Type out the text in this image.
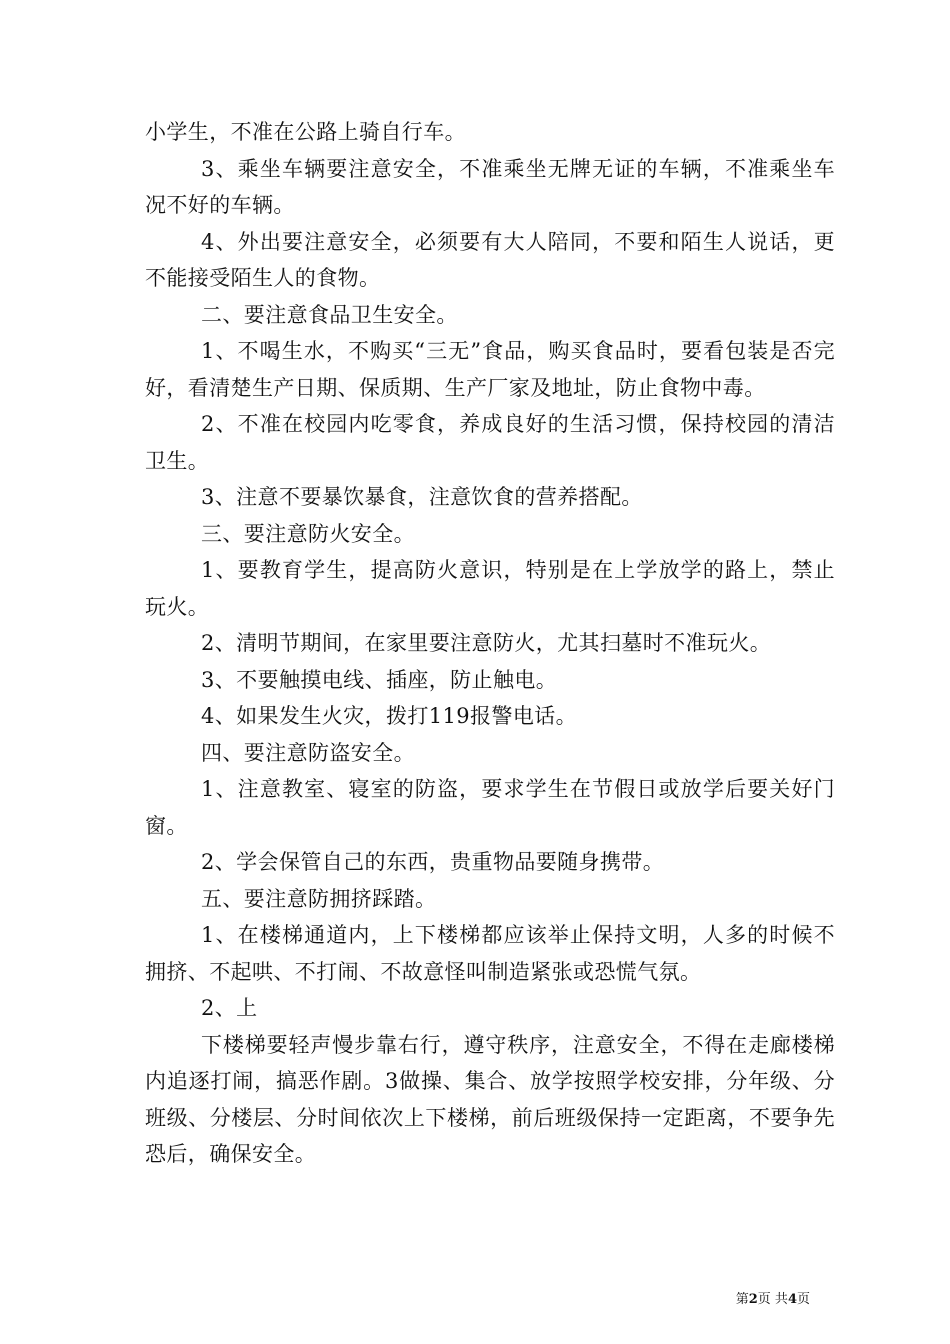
小学生，不准在公路上骑自行车。

3、乘坐车辆要注意安全，不准乘坐无牌无证的车辆，不准乘坐车况不好的车辆。

4、外出要注意安全，必须要有大人陪同，不要和陌生人说话，更不能接受陌生人的食物。

二、要注意食品卫生安全。

1、不喝生水，不购买“三无”食品，购买食品时，要看包装是否完好，看清楚生产日期、保质期、生产厂家及地址，防止食物中毒。

2、不准在校园内吃零食，养成良好的生活习惯，保持校园的清洁卫生。

3、注意不要暴饮暴食，注意饮食的营养搭配。

三、要注意防火安全。

1、要教育学生，提高防火意识，特别是在上学放学的路上，禁止玩火。

2、清明节期间，在家里要注意防火，尤其扫墓时不准玩火。

3、不要触摸电线、插座，防止触电。

4、如果发生火灾，拨打119报警电话。

四、要注意防盗安全。

1、注意教室、寝室的防盗，要求学生在节假日或放学后要关好门窗。

2、学会保管自己的东西，贵重物品要随身携带。

五、要注意防拥挤踩踏。

1、在楼梯通道内，上下楼梯都应该举止保持文明，人多的时候不拥挤、不起哄、不打闹、不故意怪叫制造紧张或恐慌气氛。

2、上

下楼梯要轻声慢步靠右行，遵守秩序，注意安全，不得在走廊楼梯内追逐打闹，搞恶作剧。3做操、集合、放学按照学校安排，分年级、分班级、分楼层、分时间依次上下楼梯，前后班级保持一定距离，不要争先恐后，确保安全。

第2页 共4页
